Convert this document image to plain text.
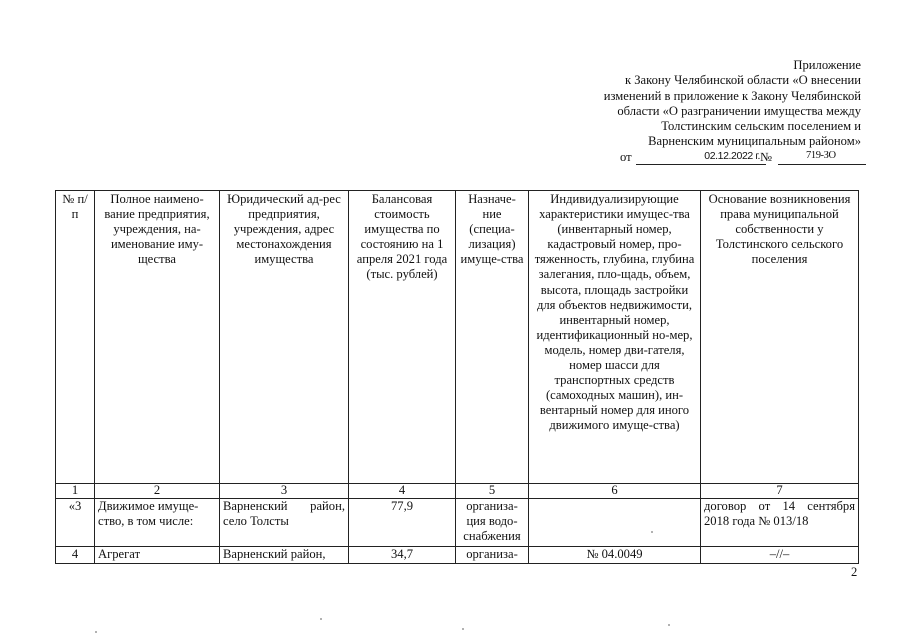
Приложение
к Закону Челябинской области «О внесении
изменений в приложение к Закону Челябинской
области «О разграничении имущества между
Толстинским сельским поселением и
Варненским муниципальным районом»
от	02.12.2022 г. №	719-ЗО
№ п/п	Полное наимено-вание предприятия, учреждения, на-именование иму-щества	Юридический ад-рес предприятия, учреждения, адрес местонахождения имущества	Балансовая стоимость имущества по состоянию на 1 апреля 2021 года (тыс. рублей)	Назначе-ние (специа-лизация) имуще-ства	Индивидуализирующие характеристики имущес-тва (инвентарный номер, кадастровый номер, про-тяженность, глубина, глубина залегания, пло-щадь, объем, высота, площадь застройки для объектов недвижимости, инвентарный номер, идентификационный но-мер, модель, номер дви-гателя, номер шасси для транспортных средств (самоходных машин), ин-вентарный номер для иного движимого имуще-ства)	Основание возникновения права муниципальной собственности у Толстинского сельского поселения
1	2	3	4	5	6	7
«3	Движимое имуще-ство, в том числе:	Варненский район, село Толсты	77,9	организа-ция водо-снабжения		договор от 14 сентября 2018 года № 013/18
4	Агрегат	Варненский район,	34,7	организа-	№ 04.0049	–//–
2
